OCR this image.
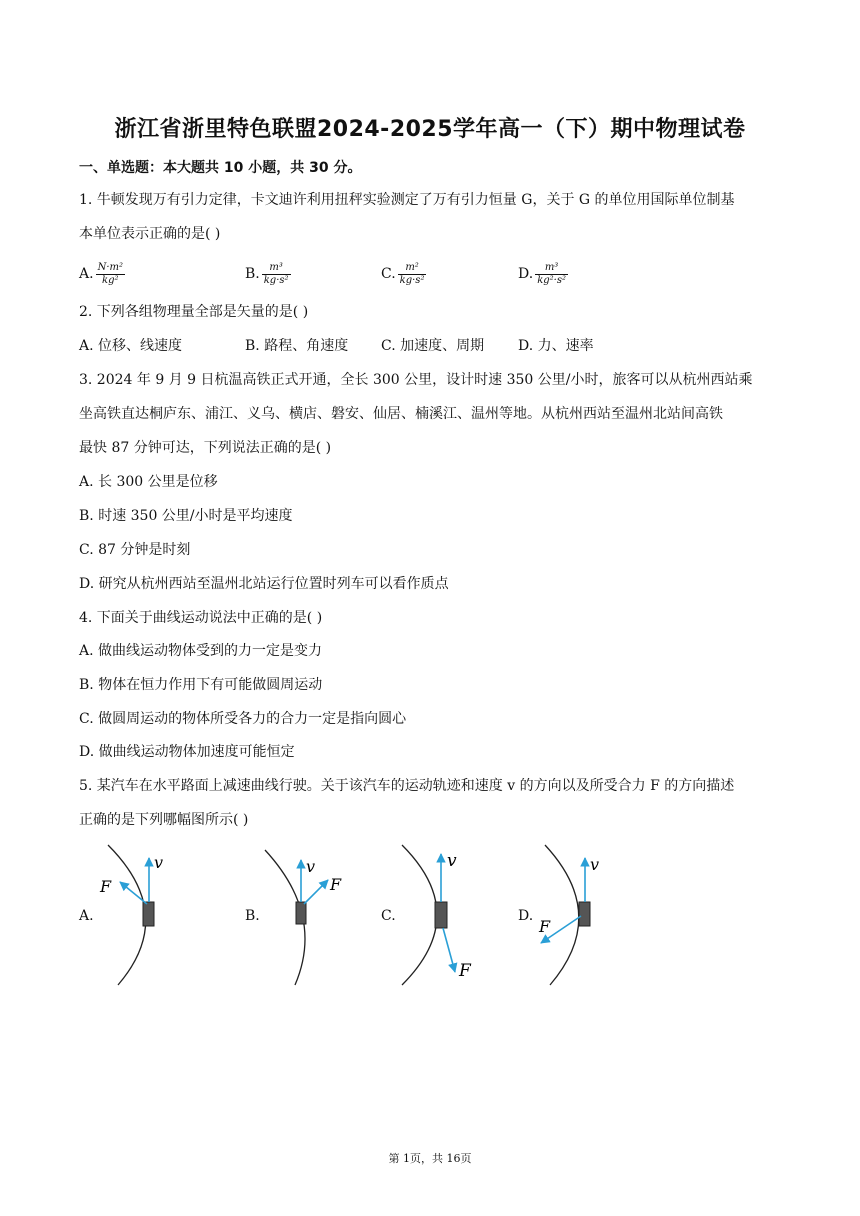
浙江省浙里特色联盟2024-2025学年高一（下）期中物理试卷
一、单选题：本大题共 10 小题，共 30 分。
1. 牛顿发现万有引力定律，卡文迪许利用扭秤实验测定了万有引力恒量 G，关于 G 的单位用国际单位制基
本单位表示正确的是( )
A. $\frac{\text{N·m²}}{\text{kg²}}$	B. $\frac{\text{m³}}{\text{kg·s²}}$	C. $\frac{\text{m²}}{\text{kg·s²}}$	D. $\frac{\text{m³}}{\text{kg²·s²}}$
2. 下列各组物理量全部是矢量的是( )
A. 位移、线速度	B. 路程、角速度 C. 加速度、周期 D. 力、速率
3. 2024 年 9 月 9 日杭温高铁正式开通，全长 300 公里，设计时速 350 公里/小时，旅客可以从杭州西站乘
坐高铁直达桐庐东、浦江、义乌、横店、磐安、仙居、楠溪江、温州等地。从杭州西站至温州北站间高铁
最快 87 分钟可达，下列说法正确的是( )
A. 长 300 公里是位移
B. 时速 350 公里/小时是平均速度
C. 87 分钟是时刻
D. 研究从杭州西站至温州北站运行位置时列车可以看作质点
4. 下面关于曲线运动说法中正确的是( )
A. 做曲线运动物体受到的力一定是变力
B. 物体在恒力作用下有可能做圆周运动
C. 做圆周运动的物体所受各力的合力一定是指向圆心
D. 做曲线运动物体加速度可能恒定
5. 某汽车在水平路面上减速曲线行驶。关于该汽车的运动轨迹和速度 v 的方向以及所受合力 F 的方向描述
正确的是下列哪幅图所示( )
A.
v
F
B.
v
F
C.
v
F
D.
v
F
第 1页，共 16页
